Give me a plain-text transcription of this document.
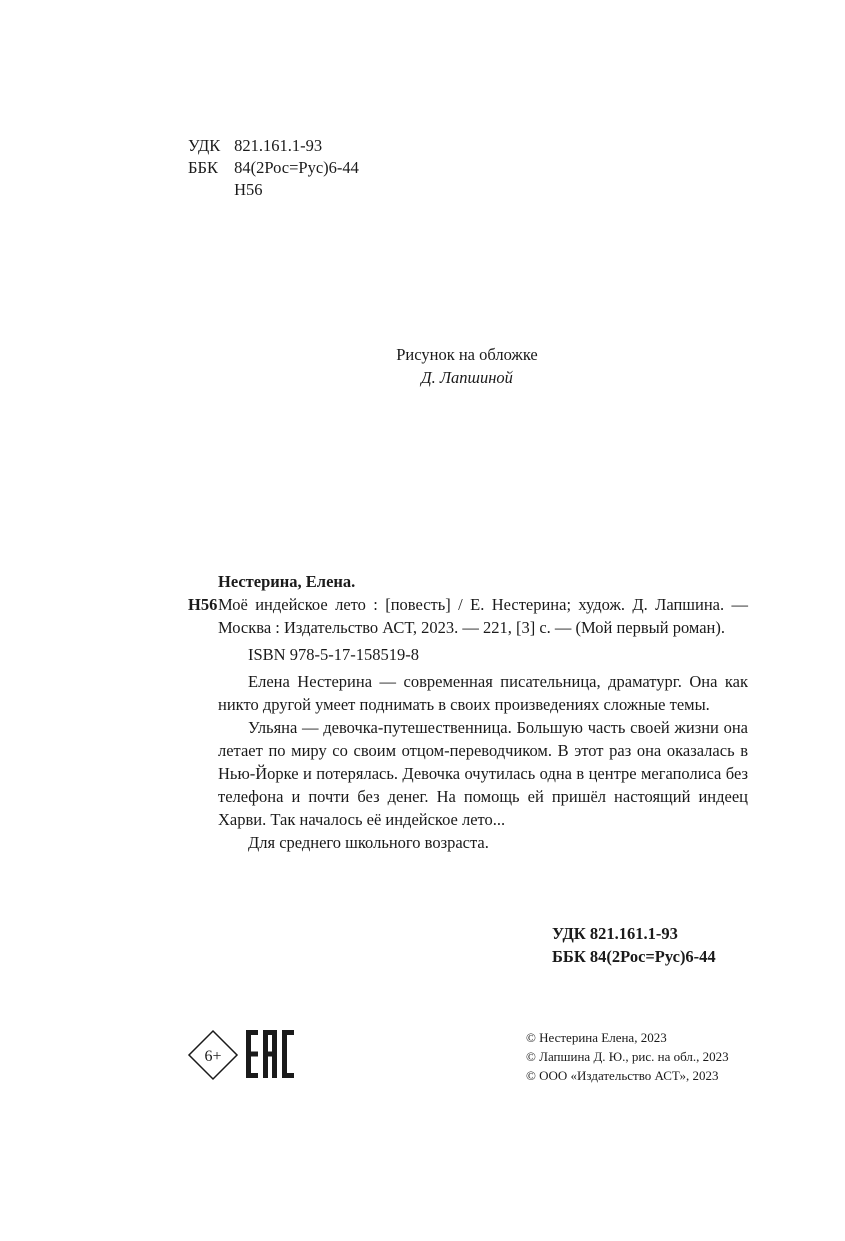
УДК 821.161.1-93
ББК 84(2Рос=Рус)6-44
Н56
Рисунок на обложке
Д. Лапшиной
Нестерина, Елена.
Н56 Моё индейское лето : [повесть] / Е. Нестерина; худож. Д. Лапшина. — Москва : Издательство АСТ, 2023. — 221, [3] с. — (Мой первый роман).
ISBN 978-5-17-158519-8
Елена Нестерина — современная писательница, драматург. Она как никто другой умеет поднимать в своих произведениях сложные темы.
Ульяна — девочка-путешественница. Большую часть своей жизни она летает по миру со своим отцом-переводчиком. В этот раз она оказалась в Нью-Йорке и потерялась. Девочка очутилась одна в центре мегаполиса без телефона и почти без денег. На помощь ей пришёл настоящий индеец Харви. Так началось её индейское лето...
Для среднего школьного возраста.
УДК 821.161.1-93
ББК 84(2Рос=Рус)6-44
6+
© Нестерина Елена, 2023
© Лапшина Д. Ю., рис. на обл., 2023
© ООО «Издательство АСТ», 2023
